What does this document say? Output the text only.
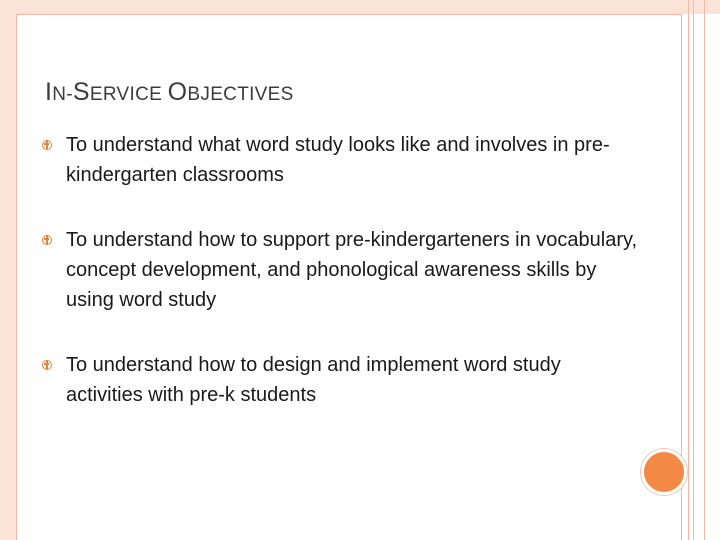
IN-SERVICE OBJECTIVES
To understand what word study looks like and involves in pre-kindergarten classrooms
To understand how to support pre-kindergarteners in vocabulary, concept development, and phonological awareness skills by using word study
To understand how to design and implement word study activities with pre-k students
